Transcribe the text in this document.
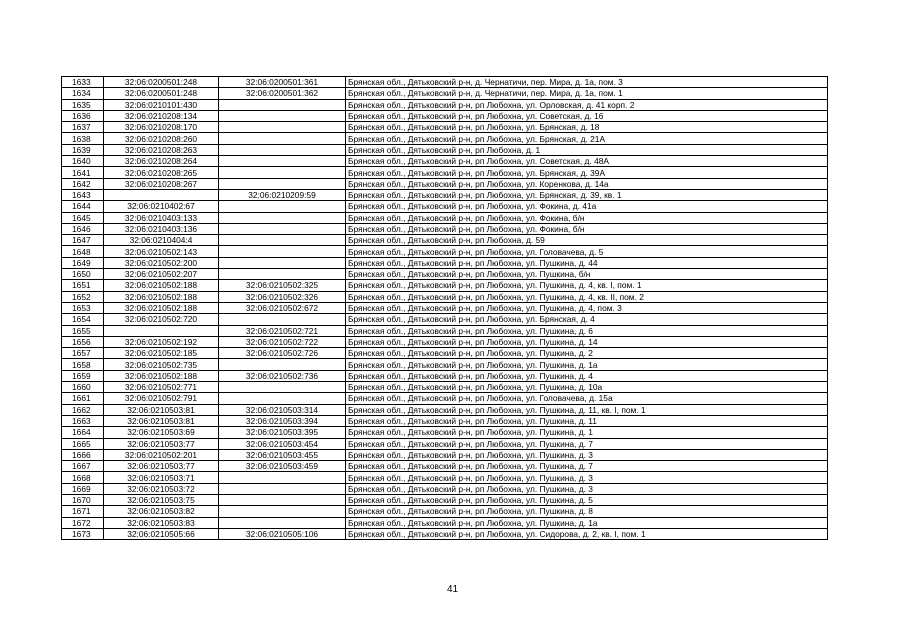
1633	32:06:0200501:248	32:06:0200501:361	Брянская обл., Дятьковский р-н, д. Чернатичи, пер. Мира, д. 1а, пом. 3
1634	32:06:0200501:248	32:06:0200501:362	Брянская обл., Дятьковский р-н, д. Чернатичи, пер. Мира, д. 1а, пом. 1
1635	32:06:0210101:430		Брянская обл., Дятьковский р-н, рп Любохна, ул. Орловская, д. 41 корп. 2
1636	32:06:0210208:134		Брянская обл., Дятьковский р-н, рп Любохна, ул. Советская, д. 16
1637	32:06:0210208:170		Брянская обл., Дятьковский р-н, рп Любохна, ул. Брянская, д. 18
1638	32:06:0210208:260		Брянская обл., Дятьковский р-н, рп Любохна, ул. Брянская, д. 21А
1639	32:06:0210208:263		Брянская обл., Дятьковский р-н, рп Любохна, д. 1
1640	32:06:0210208:264		Брянская обл., Дятьковский р-н, рп Любохна, ул. Советская, д. 48А
1641	32:06:0210208:265		Брянская обл., Дятьковский р-н, рп Любохна, ул. Брянская, д. 39А
1642	32:06:0210208:267		Брянская обл., Дятьковский р-н, рп Любохна, ул. Коренкова, д. 14а
1643		32:06:0210209:59	Брянская обл., Дятьковский р-н, рп Любохна, ул. Брянская, д. 39, кв. 1
1644	32:06:0210402:67		Брянская обл., Дятьковский р-н, рп Любохна, ул. Фокина, д. 41а
1645	32:06:0210403:133		Брянская обл., Дятьковский р-н, рп Любохна, ул. Фокина, б/н
1646	32:06:0210403:136		Брянская обл., Дятьковский р-н, рп Любохна, ул. Фокина, б/н
1647	32:06:0210404:4		Брянская обл., Дятьковский р-н, рп Любохна, д. 59
1648	32:06:0210502:143		Брянская обл., Дятьковский р-н, рп Любохна, ул. Головачева, д. 5
1649	32:06:0210502:200		Брянская обл., Дятьковский р-н, рп Любохна, ул. Пушкина, д. 44
1650	32:06:0210502:207		Брянская обл., Дятьковский р-н, рп Любохна, ул. Пушкина, б/н
1651	32:06:0210502:188	32:06:0210502:325	Брянская обл., Дятьковский р-н, рп Любохна, ул. Пушкина, д. 4, кв. I, пом. 1
1652	32:06:0210502:188	32:06:0210502:326	Брянская обл., Дятьковский р-н, рп Любохна, ул. Пушкина, д. 4, кв. II, пом. 2
1653	32:06:0210502:188	32:06:0210502:672	Брянская обл., Дятьковский р-н, рп Любохна, ул. Пушкина, д. 4, пом. 3
1654	32:06:0210502:720		Брянская обл., Дятьковский р-н, рп Любохна, ул. Брянская, д. 4
1655		32:06:0210502:721	Брянская обл., Дятьковский р-н, рп Любохна, ул. Пушкина, д. 6
1656	32:06:0210502:192	32:06:0210502:722	Брянская обл., Дятьковский р-н, рп Любохна, ул. Пушкина, д. 14
1657	32:06:0210502:185	32:06:0210502:726	Брянская обл., Дятьковский р-н, рп Любохна, ул. Пушкина, д. 2
1658	32:06:0210502:735		Брянская обл., Дятьковский р-н, рп Любохна, ул. Пушкина, д. 1а
1659	32:06:0210502:188	32:06:0210502:736	Брянская обл., Дятьковский р-н, рп Любохна, ул. Пушкина, д. 4
1660	32:06:0210502:771		Брянская обл., Дятьковский р-н, рп Любохна, ул. Пушкина, д. 10а
1661	32:06:0210502:791		Брянская обл., Дятьковский р-н, рп Любохна, ул. Головачева, д. 15а
1662	32:06:0210503:81	32:06:0210503:314	Брянская обл., Дятьковский р-н, рп Любохна, ул. Пушкина, д. 11, кв. I, пом. 1
1663	32:06:0210503:81	32:06:0210503:394	Брянская обл., Дятьковский р-н, рп Любохна, ул. Пушкина, д. 11
1664	32:06:0210503:69	32:06:0210503:395	Брянская обл., Дятьковский р-н, рп Любохна, ул. Пушкина, д. 1
1665	32:06:0210503:77	32:06:0210503:454	Брянская обл., Дятьковский р-н, рп Любохна, ул. Пушкина, д. 7
1666	32:06:0210502:201	32:06:0210503:455	Брянская обл., Дятьковский р-н, рп Любохна, ул. Пушкина, д. 3
1667	32:06:0210503:77	32:06:0210503:459	Брянская обл., Дятьковский р-н, рп Любохна, ул. Пушкина, д. 7
1668	32:06:0210503:71		Брянская обл., Дятьковский р-н, рп Любохна, ул. Пушкина, д. 3
1669	32:06:0210503:72		Брянская обл., Дятьковский р-н, рп Любохна, ул. Пушкина, д. 3
1670	32:06:0210503:75		Брянская обл., Дятьковский р-н, рп Любохна, ул. Пушкина, д. 5
1671	32:06:0210503:82		Брянская обл., Дятьковский р-н, рп Любохна, ул. Пушкина, д. 8
1672	32:06:0210503:83		Брянская обл., Дятьковский р-н, рп Любохна, ул. Пушкина, д. 1а
1673	32:06:0210505:66	32:06:0210505:106	Брянская обл., Дятьковский р-н, рп Любохна, ул. Сидорова, д. 2, кв. I, пом. 1
41
